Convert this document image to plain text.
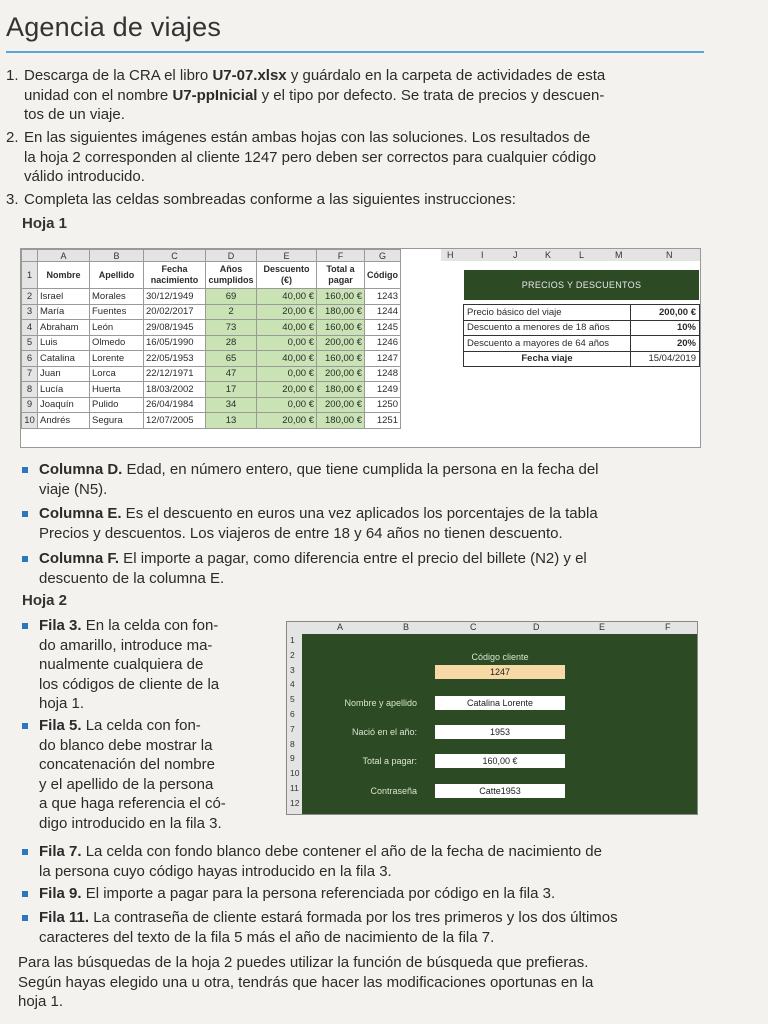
Agencia de viajes
1. Descarga de la CRA el libro U7-07.xlsx y guárdalo en la carpeta de actividades de esta
unidad con el nombre U7-ppInicial y el tipo por defecto. Se trata de precios y descuen-
tos de un viaje.
2. En las siguientes imágenes están ambas hojas con las soluciones. Los resultados de
la hoja 2 corresponden al cliente 1247 pero deben ser correctos para cualquier código
válido introducido.
3. Completa las celdas sombreadas conforme a las siguientes instrucciones:
Hoja 1
	A	B	C	D	E	F	G
1	Nombre	Apellido	Fecha nacimiento	Años cumplidos	Descuento (€)	Total a pagar	Código
2	Israel	Morales	30/12/1949	69	40,00 €	160,00 €	1243
3	María	Fuentes	20/02/2017	2	20,00 €	180,00 €	1244
4	Abraham	León	29/08/1945	73	40,00 €	160,00 €	1245
5	Luis	Olmedo	16/05/1990	28	0,00 €	200,00 €	1246
6	Catalina	Lorente	22/05/1953	65	40,00 €	160,00 €	1247
7	Juan	Lorca	22/12/1971	47	0,00 €	200,00 €	1248
8	Lucía	Huerta	18/03/2002	17	20,00 €	180,00 €	1249
9	Joaquín	Pulido	26/04/1984	34	0,00 €	200,00 €	1250
10	Andrés	Segura	12/07/2005	13	20,00 €	180,00 €	1251
PRECIOS Y DESCUENTOS
Precio básico del viaje	200,00 €
Descuento a menores de 18 años	10%
Descuento a mayores de 64 años	20%
Fecha viaje	15/04/2019
H	I	J	K	L	M	N
Columna D. Edad, en número entero, que tiene cumplida la persona en la fecha del
viaje (N5).
Columna E. Es el descuento en euros una vez aplicados los porcentajes de la tabla
Precios y descuentos. Los viajeros de entre 18 y 64 años no tienen descuento.
Columna F. El importe a pagar, como diferencia entre el precio del billete (N2) y el
descuento de la columna E.
Hoja 2
Fila 3. En la celda con fon-
do amarillo, introduce ma-
nualmente cualquiera de
los códigos de cliente de la
hoja 1.
Fila 5. La celda con fon-
do blanco debe mostrar la
concatenación del nombre
y el apellido de la persona
a que haga referencia el có-
digo introducido en la fila 3.
A	B	C	D	E	F
1
2
3
4
5
6
7
8
9
10
11
12
Código cliente
1247
Nombre y apellido	Catalina Lorente
Nació en el año:	1953
Total a pagar:	160,00 €
Contraseña	Catte1953
Fila 7. La celda con fondo blanco debe contener el año de la fecha de nacimiento de
la persona cuyo código hayas introducido en la fila 3.
Fila 9. El importe a pagar para la persona referenciada por código en la fila 3.
Fila 11. La contraseña de cliente estará formada por los tres primeros y los dos últimos
caracteres del texto de la fila 5 más el año de nacimiento de la fila 7.
Para las búsquedas de la hoja 2 puedes utilizar la función de búsqueda que prefieras.
Según hayas elegido una u otra, tendrás que hacer las modificaciones oportunas en la
hoja 1.
